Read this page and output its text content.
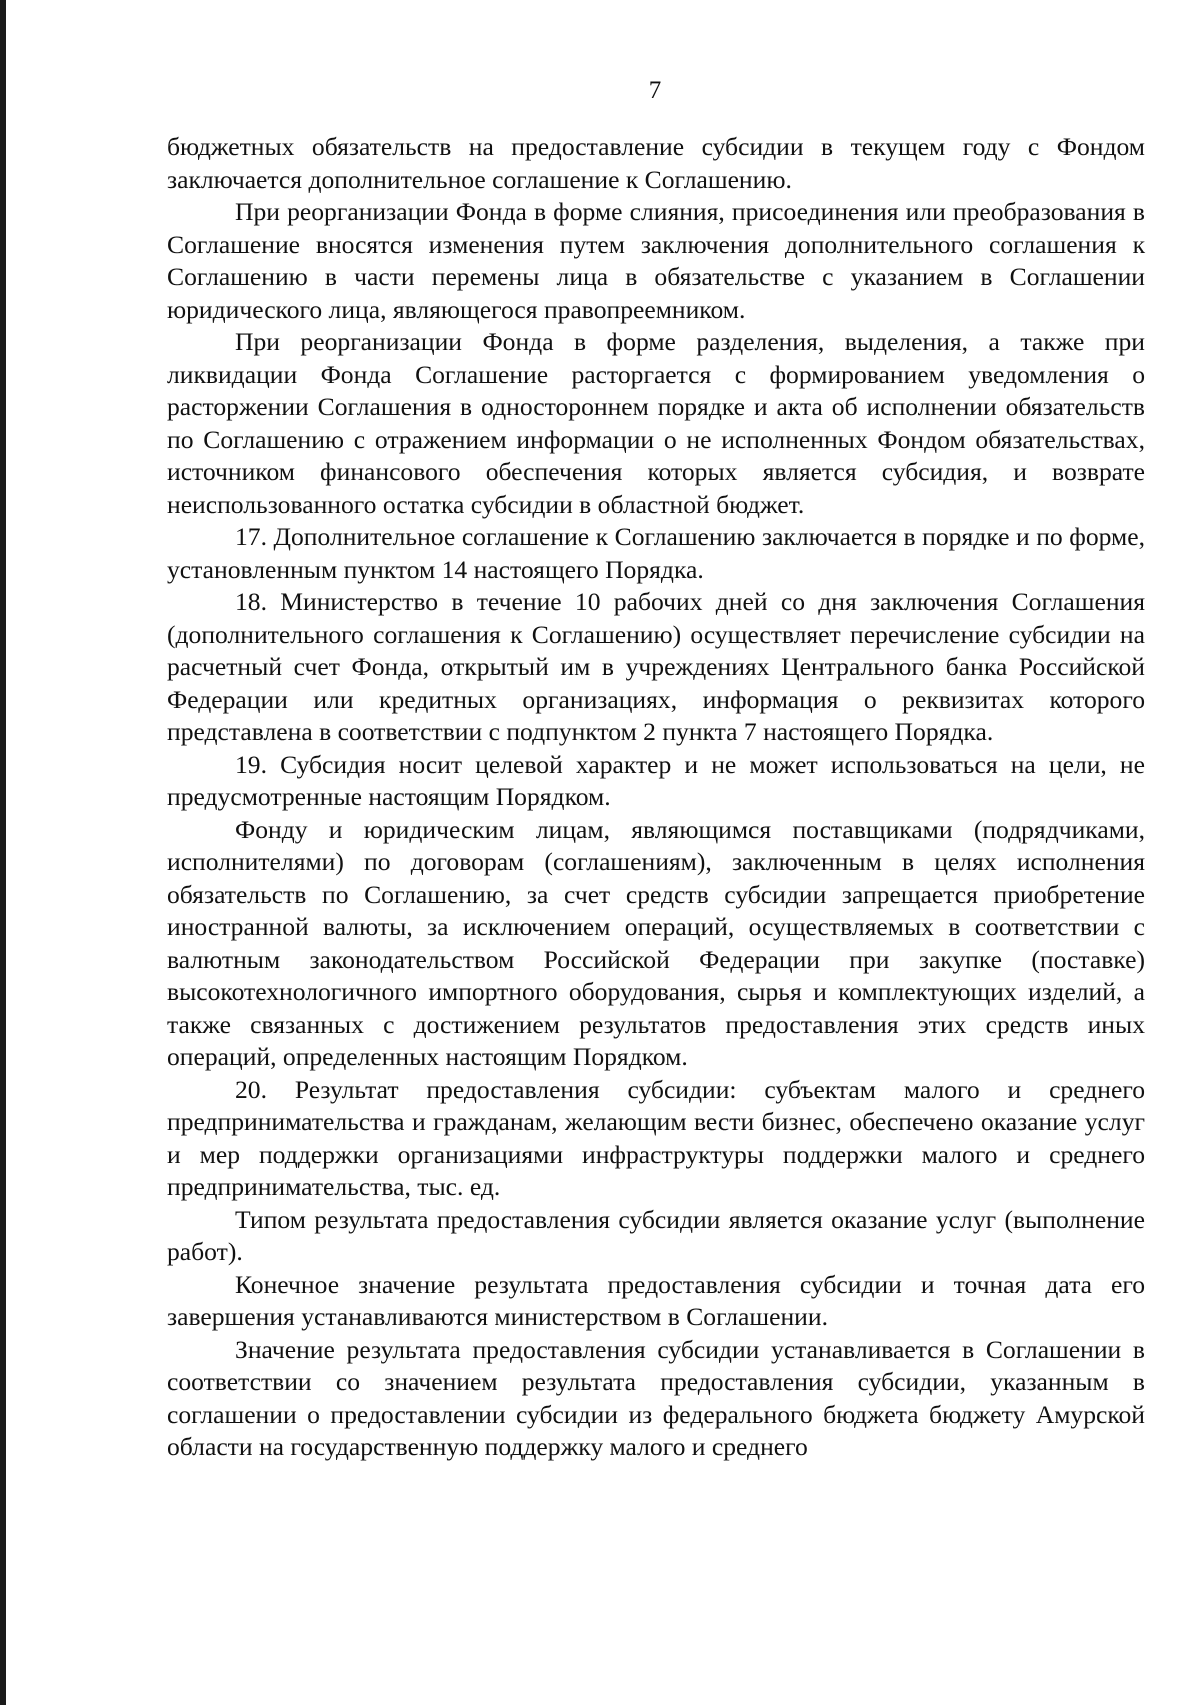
7

бюджетных обязательств на предоставление субсидии в текущем году с Фондом заключается дополнительное соглашение к Соглашению.

При реорганизации Фонда в форме слияния, присоединения или преобразования в Соглашение вносятся изменения путем заключения дополнительного соглашения к Соглашению в части перемены лица в обязательстве с указанием в Соглашении юридического лица, являющегося правопреемником.

При реорганизации Фонда в форме разделения, выделения, а также при ликвидации Фонда Соглашение расторгается с формированием уведомления о расторжении Соглашения в одностороннем порядке и акта об исполнении обязательств по Соглашению с отражением информации о не исполненных Фондом обязательствах, источником финансового обеспечения которых является субсидия, и возврате неиспользованного остатка субсидии в областной бюджет.

17. Дополнительное соглашение к Соглашению заключается в порядке и по форме, установленным пунктом 14 настоящего Порядка.

18. Министерство в течение 10 рабочих дней со дня заключения Соглашения (дополнительного соглашения к Соглашению) осуществляет перечисление субсидии на расчетный счет Фонда, открытый им в учреждениях Центрального банка Российской Федерации или кредитных организациях, информация о реквизитах которого представлена в соответствии с подпунктом 2 пункта 7 настоящего Порядка.

19. Субсидия носит целевой характер и не может использоваться на цели, не предусмотренные настоящим Порядком.

Фонду и юридическим лицам, являющимся поставщиками (подрядчиками, исполнителями) по договорам (соглашениям), заключенным в целях исполнения обязательств по Соглашению, за счет средств субсидии запрещается приобретение иностранной валюты, за исключением операций, осуществляемых в соответствии с валютным законодательством Российской Федерации при закупке (поставке) высокотехнологичного импортного оборудования, сырья и комплектующих изделий, а также связанных с достижением результатов предоставления этих средств иных операций, определенных настоящим Порядком.

20. Результат предоставления субсидии: субъектам малого и среднего предпринимательства и гражданам, желающим вести бизнес, обеспечено оказание услуг и мер поддержки организациями инфраструктуры поддержки малого и среднего предпринимательства, тыс. ед.

Типом результата предоставления субсидии является оказание услуг (выполнение работ).

Конечное значение результата предоставления субсидии и точная дата его завершения устанавливаются министерством в Соглашении.

Значение результата предоставления субсидии устанавливается в Соглашении в соответствии со значением результата предоставления субсидии, указанным в соглашении о предоставлении субсидии из федерального бюджета бюджету Амурской области на государственную поддержку малого и среднего
